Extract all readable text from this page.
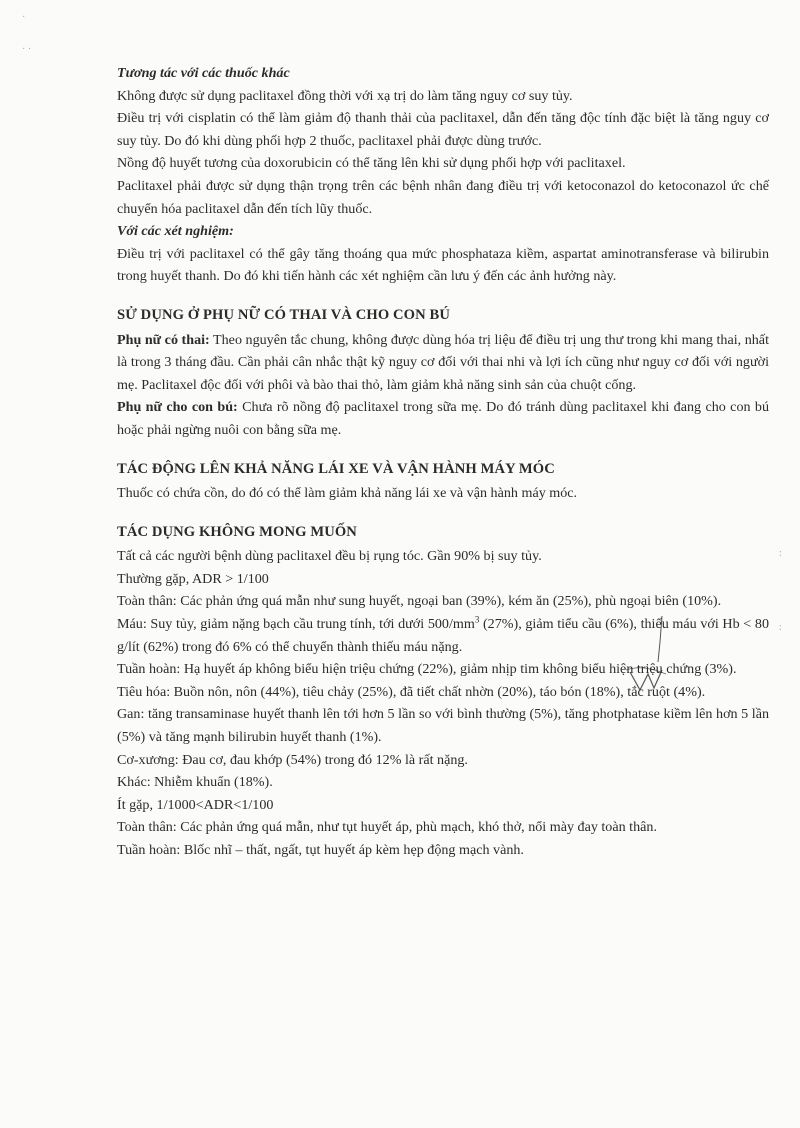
·
· ·
:
:
Tương tác với các thuốc khác
Không được sử dụng paclitaxel đồng thời với xạ trị do làm tăng nguy cơ suy tủy.
Điều trị với cisplatin có thể làm giảm độ thanh thải của paclitaxel, dẫn đến tăng độc tính đặc biệt là tăng nguy cơ suy tủy. Do đó khi dùng phối hợp 2 thuốc, paclitaxel phải được dùng trước.
Nồng độ huyết tương của doxorubicin có thể tăng lên khi sử dụng phối hợp với paclitaxel.
Paclitaxel phải được sử dụng thận trọng trên các bệnh nhân đang điều trị với ketoconazol do ketoconazol ức chế chuyển hóa paclitaxel dẫn đến tích lũy thuốc.
Với các xét nghiệm:
Điều trị với paclitaxel có thể gây tăng thoáng qua mức phosphataza kiềm, aspartat aminotransferase và bilirubin trong huyết thanh. Do đó khi tiến hành các xét nghiệm cần lưu ý đến các ảnh hưởng này.
SỬ DỤNG Ở PHỤ NỮ CÓ THAI VÀ CHO CON BÚ
Phụ nữ có thai: Theo nguyên tắc chung, không được dùng hóa trị liệu để điều trị ung thư trong khi mang thai, nhất là trong 3 tháng đầu. Cần phải cân nhắc thật kỹ nguy cơ đối với thai nhi và lợi ích cũng như nguy cơ đối với người mẹ. Paclitaxel độc đối với phôi và bào thai thỏ, làm giảm khả năng sinh sản của chuột cống.
Phụ nữ cho con bú: Chưa rõ nồng độ paclitaxel trong sữa mẹ. Do đó tránh dùng paclitaxel khi đang cho con bú hoặc phải ngừng nuôi con bằng sữa mẹ.
TÁC ĐỘNG LÊN KHẢ NĂNG LÁI XE VÀ VẬN HÀNH MÁY MÓC
Thuốc có chứa cồn, do đó có thể làm giảm khả năng lái xe và vận hành máy móc.
TÁC DỤNG KHÔNG MONG MUỐN
Tất cả các người bệnh dùng paclitaxel đều bị rụng tóc. Gần 90% bị suy tủy.
Thường gặp, ADR > 1/100
Toàn thân: Các phản ứng quá mẫn như sung huyết, ngoại ban (39%), kém ăn (25%), phù ngoại biên (10%).
Máu: Suy tủy, giảm nặng bạch cầu trung tính, tới dưới $500/mm^3$ (27%), giảm tiểu cầu (6%), thiếu máu với Hb < 80 g/lít (62%) trong đó 6% có thể chuyển thành thiếu máu nặng.
Tuần hoàn: Hạ huyết áp không biểu hiện triệu chứng (22%), giảm nhịp tim không biểu hiện triệu chứng (3%).
Tiêu hóa: Buồn nôn, nôn (44%), tiêu chảy (25%), đã tiết chất nhờn (20%), táo bón (18%), tắc ruột (4%).
Gan: tăng transaminase huyết thanh lên tới hơn 5 lần so với bình thường (5%), tăng photphatase kiềm lên hơn 5 lần (5%) và tăng mạnh bilirubin huyết thanh (1%).
Cơ-xương: Đau cơ, đau khớp (54%) trong đó 12% là rất nặng.
Khác: Nhiễm khuẩn (18%).
Ít gặp, 1/1000<ADR<1/100
Toàn thân: Các phản ứng quá mẫn, như tụt huyết áp, phù mạch, khó thở, nổi mày đay toàn thân.
Tuần hoàn: Blốc nhĩ – thất, ngất, tụt huyết áp kèm hẹp động mạch vành.
